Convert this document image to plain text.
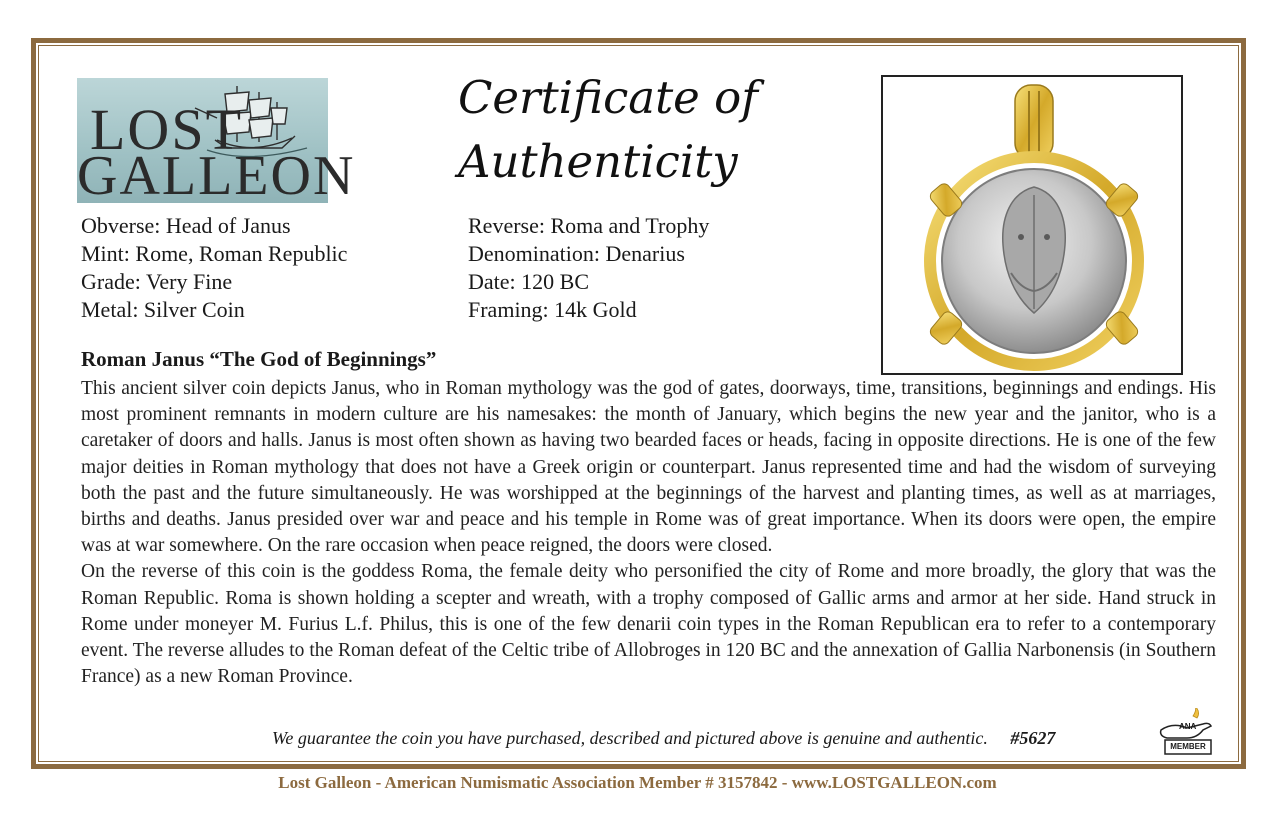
LOST
GALLEON
Certificate of
Authenticity
Obverse: Head of Janus
Mint: Rome, Roman Republic
Grade: Very Fine
Metal: Silver Coin
Reverse: Roma and Trophy
Denomination: Denarius
Date: 120 BC
Framing: 14k Gold
Roman Janus “The God of Beginnings”

This ancient silver coin depicts Janus, who in Roman mythology was the god of gates, doorways, time, transitions, beginnings and endings. His most prominent remnants in modern culture are his namesakes: the month of January, which begins the new year and the janitor, who is a caretaker of doors and halls. Janus is most often shown as having two bearded faces or heads, facing in opposite directions. He is one of the few major deities in Roman mythology that does not have a Greek origin or counterpart. Janus represented time and had the wisdom of surveying both the past and the future simultaneously. He was worshipped at the beginnings of the harvest and planting times, as well as at marriages, births and deaths. Janus presided over war and peace and his temple in Rome was of great importance. When its doors were open, the empire was at war somewhere. On the rare occasion when peace reigned, the doors were closed.

On the reverse of this coin is the goddess Roma, the female deity who personified the city of Rome and more broadly, the glory that was the Roman Republic. Roma is shown holding a scepter and wreath, with a trophy composed of Gallic arms and armor at her side. Hand struck in Rome under moneyer M. Furius L.f. Philus, this is one of the few denarii coin types in the Roman Republican era to refer to a contemporary event. The reverse alludes to the Roman defeat of the Celtic tribe of Allobroges in 120 BC and the annexation of Gallia Narbonensis (in Southern France) as a new Roman Province.

We guarantee the coin you have purchased, described and pictured above is genuine and authentic. #5627
ANA
MEMBER
Lost Galleon - American Numismatic Association Member # 3157842 - www.LOSTGALLEON.com
